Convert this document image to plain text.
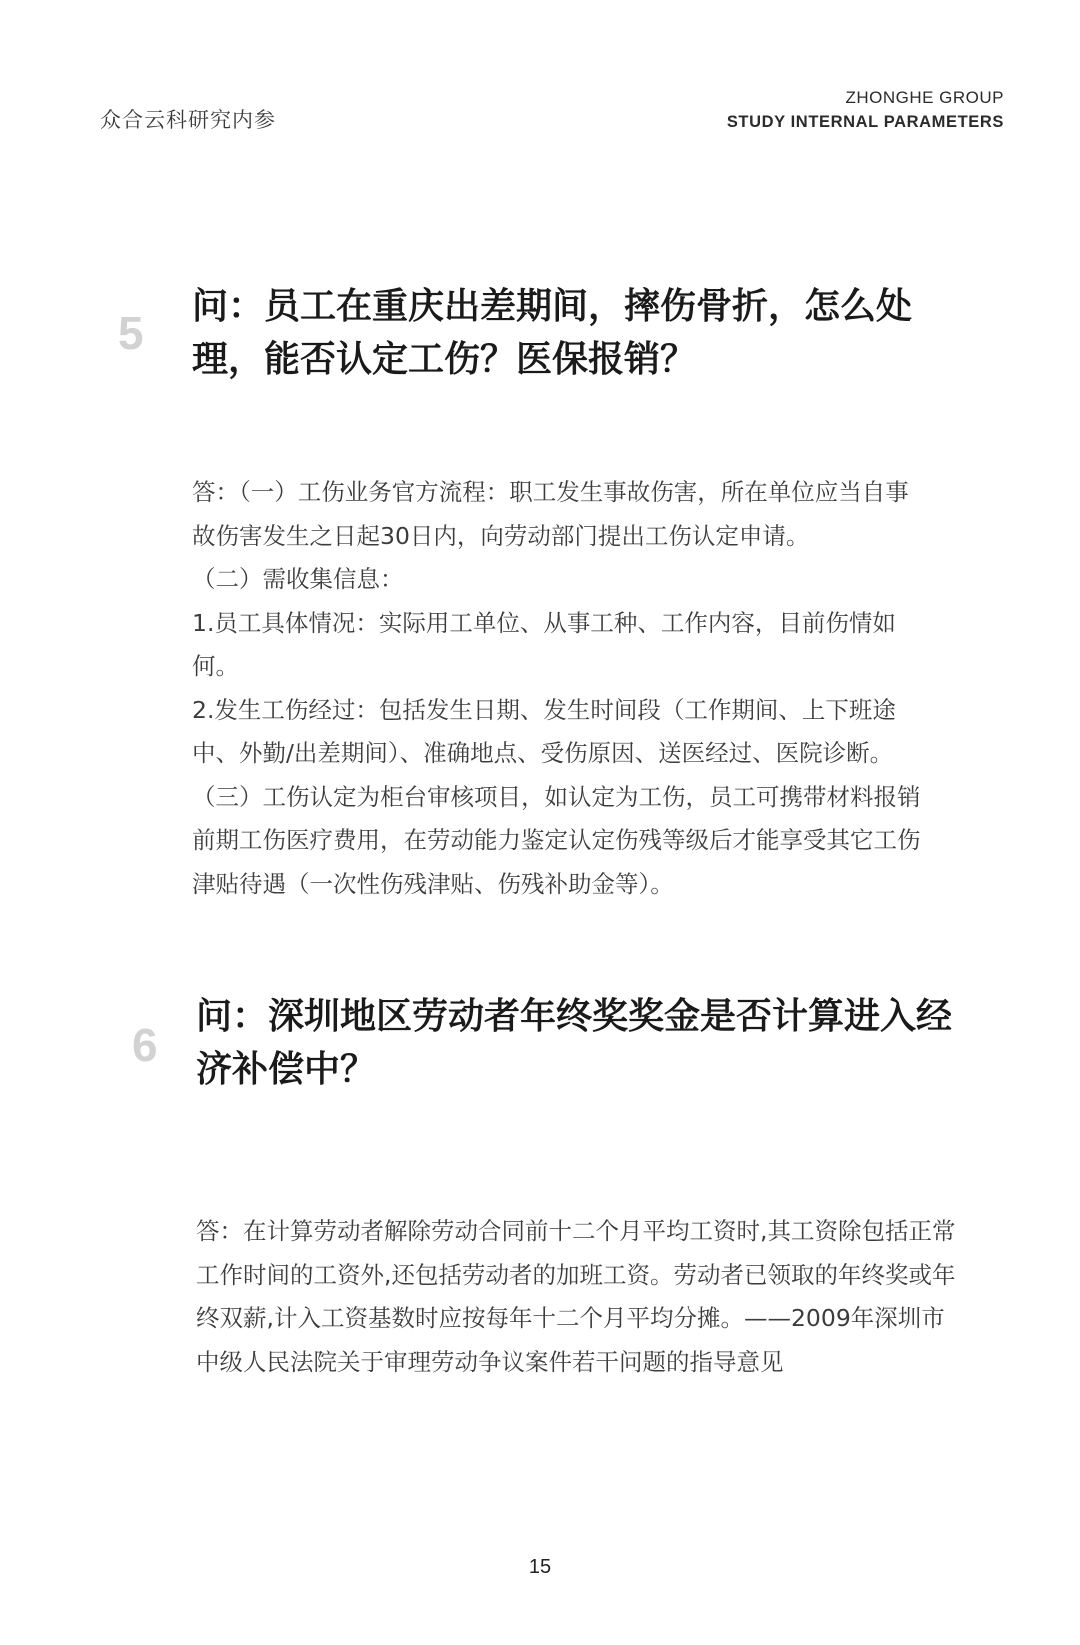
众合云科研究内参
ZHONGHE GROUP
STUDY INTERNAL PARAMETERS
5
问：员工在重庆出差期间，摔伤骨折，怎么处
理，能否认定工伤？医保报销？

答：（一）工伤业务官方流程：职工发生事故伤害，所在单位应当自事

故伤害发生之日起30日内，向劳动部门提出工伤认定申请。

（二）需收集信息：

1.员工具体情况：实际用工单位、从事工种、工作内容，目前伤情如

何。

2.发生工伤经过：包括发生日期、发生时间段（工作期间、上下班途

中、外勤/出差期间）、准确地点、受伤原因、送医经过、医院诊断。

（三）工伤认定为柜台审核项目，如认定为工伤，员工可携带材料报销

前期工伤医疗费用，在劳动能力鉴定认定伤残等级后才能享受其它工伤

津贴待遇（一次性伤残津贴、伤残补助金等）。

6
问：深圳地区劳动者年终奖奖金是否计算进入经
济补偿中？

答：在计算劳动者解除劳动合同前十二个月平均工资时,其工资除包括正常

工作时间的工资外,还包括劳动者的加班工资。劳动者已领取的年终奖或年

终双薪,计入工资基数时应按每年十二个月平均分摊。——2009年深圳市

中级人民法院关于审理劳动争议案件若干问题的指导意见

15
